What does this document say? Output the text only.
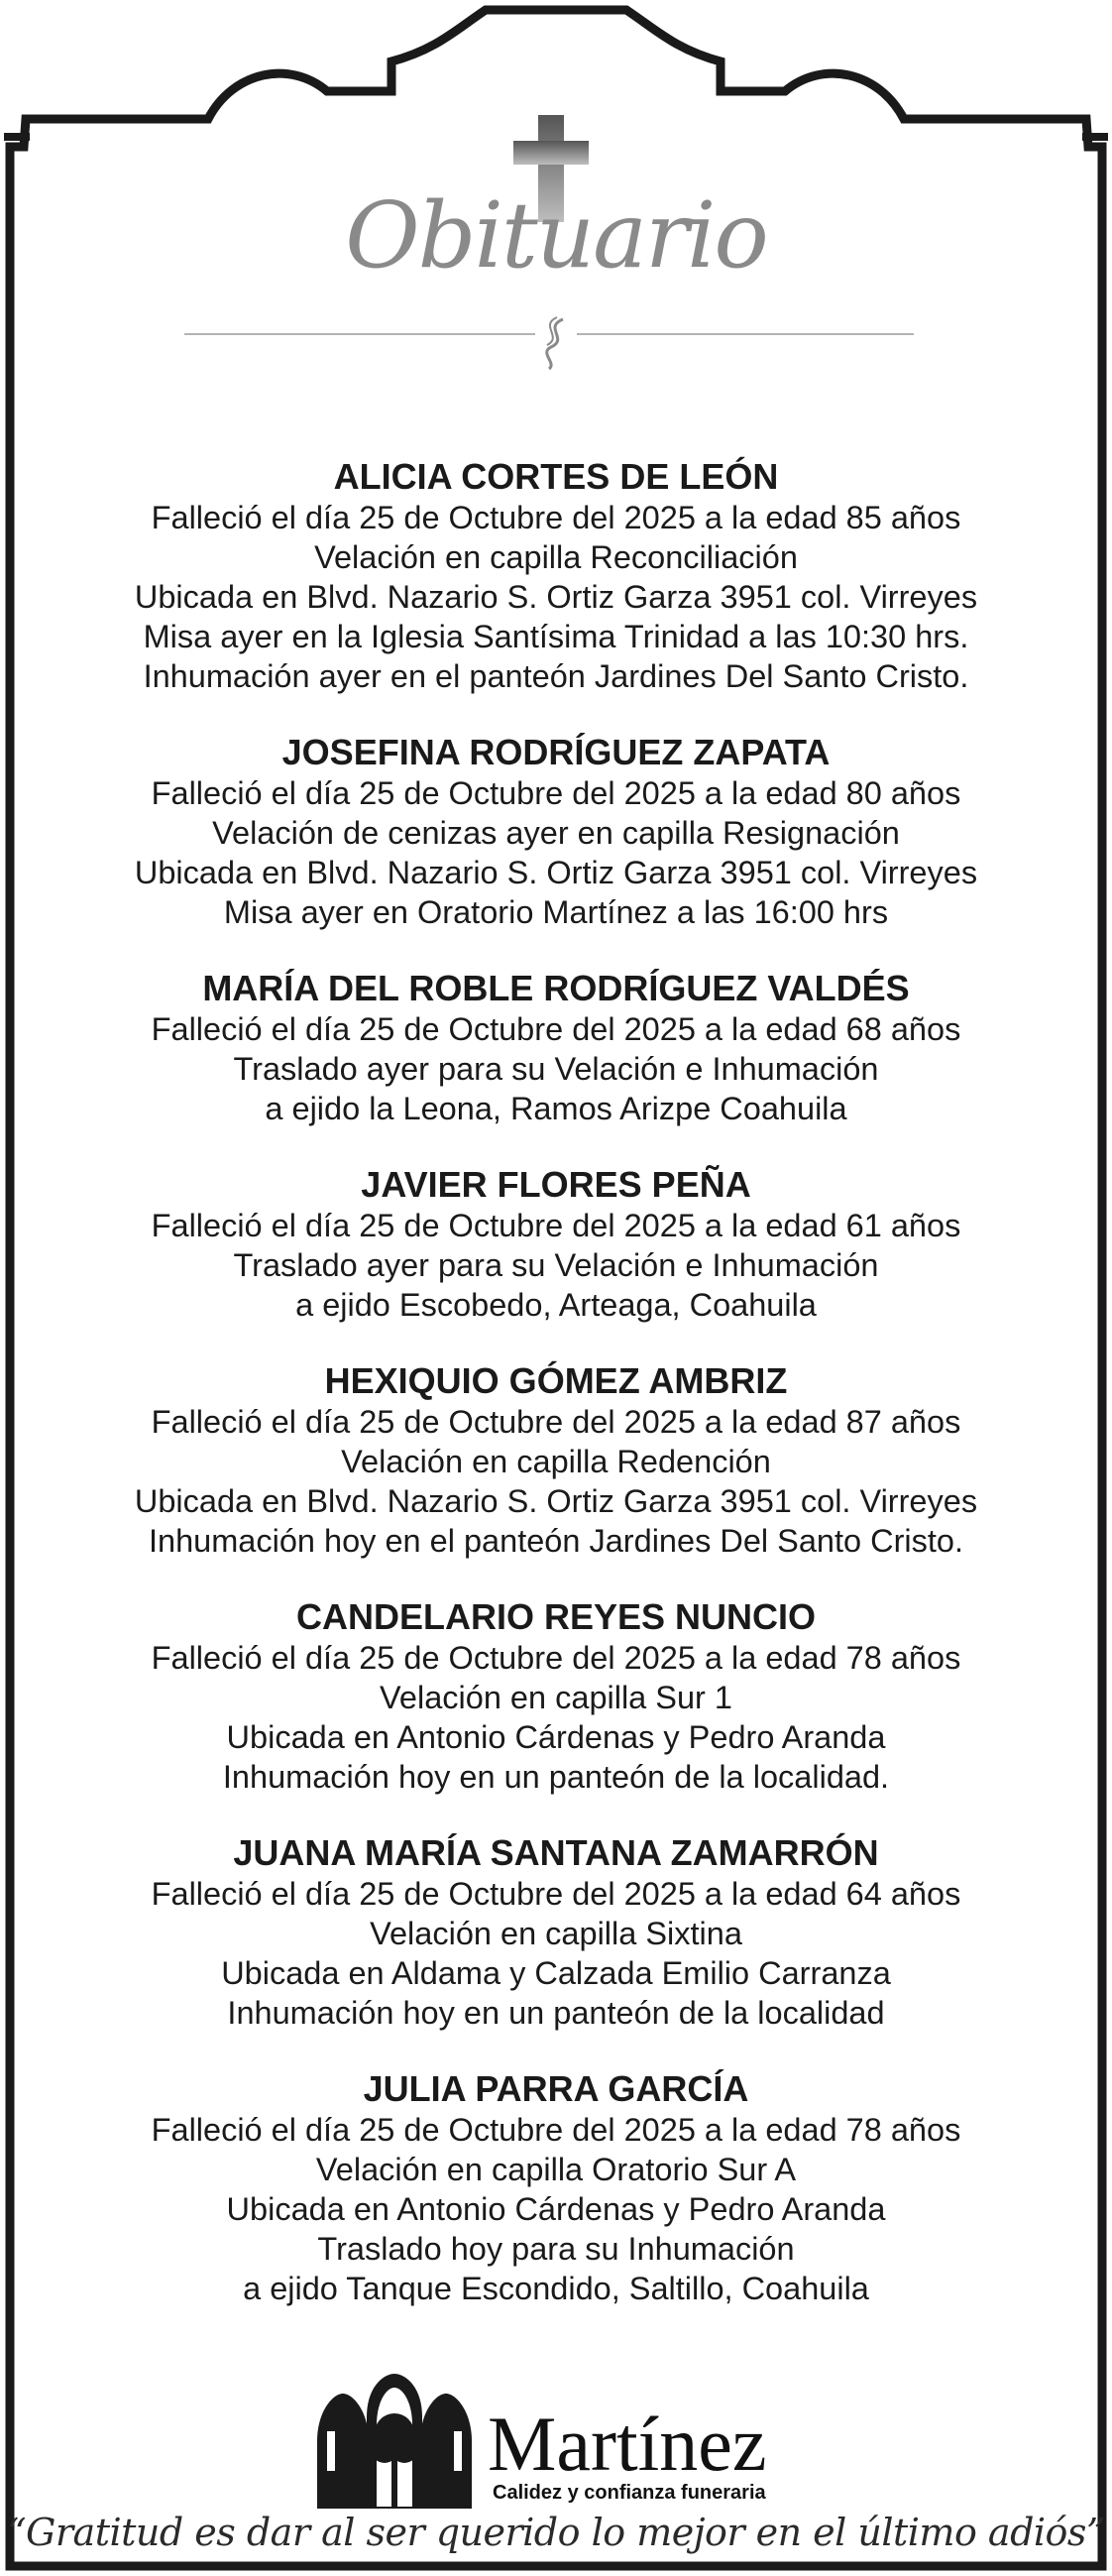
Obituario
ALICIA CORTES DE LEÓN
Falleció el día 25 de Octubre del 2025 a la edad 85 años
Velación en capilla Reconciliación
Ubicada en Blvd. Nazario S. Ortiz Garza 3951 col. Virreyes
Misa ayer en la Iglesia Santísima Trinidad a las 10:30 hrs.
Inhumación ayer en el panteón Jardines Del Santo Cristo.
JOSEFINA RODRÍGUEZ ZAPATA
Falleció el día 25 de Octubre del 2025 a la edad 80 años
Velación de cenizas ayer en capilla Resignación
Ubicada en Blvd. Nazario S. Ortiz Garza 3951 col. Virreyes
Misa ayer en Oratorio Martínez a las 16:00 hrs
MARÍA DEL ROBLE RODRÍGUEZ VALDÉS
Falleció el día 25 de Octubre del 2025 a la edad 68 años
Traslado ayer para su Velación e Inhumación
a ejido la Leona, Ramos Arizpe Coahuila
JAVIER FLORES PEÑA
Falleció el día 25 de Octubre del 2025 a la edad 61 años
Traslado ayer para su Velación e Inhumación
a ejido Escobedo, Arteaga, Coahuila
HEXIQUIO GÓMEZ AMBRIZ
Falleció el día 25 de Octubre del 2025 a la edad 87 años
Velación en capilla Redención
Ubicada en Blvd. Nazario S. Ortiz Garza 3951 col. Virreyes
Inhumación hoy en el panteón Jardines Del Santo Cristo.
CANDELARIO REYES NUNCIO
Falleció el día 25 de Octubre del 2025 a la edad 78 años
Velación en capilla Sur 1
Ubicada en Antonio Cárdenas y Pedro Aranda
Inhumación hoy en un panteón de la localidad.
JUANA MARÍA SANTANA ZAMARRÓN
Falleció el día 25 de Octubre del 2025 a la edad 64 años
Velación en capilla Sixtina
Ubicada en Aldama y Calzada Emilio Carranza
Inhumación hoy en un panteón de la localidad
JULIA PARRA GARCÍA
Falleció el día 25 de Octubre del 2025 a la edad 78 años
Velación en capilla Oratorio Sur A
Ubicada en Antonio Cárdenas y Pedro Aranda
Traslado hoy para su Inhumación
a ejido Tanque Escondido, Saltillo, Coahuila
Martínez
Calidez y confianza funeraria
“Gratitud es dar al ser querido lo mejor en el último adiós”
